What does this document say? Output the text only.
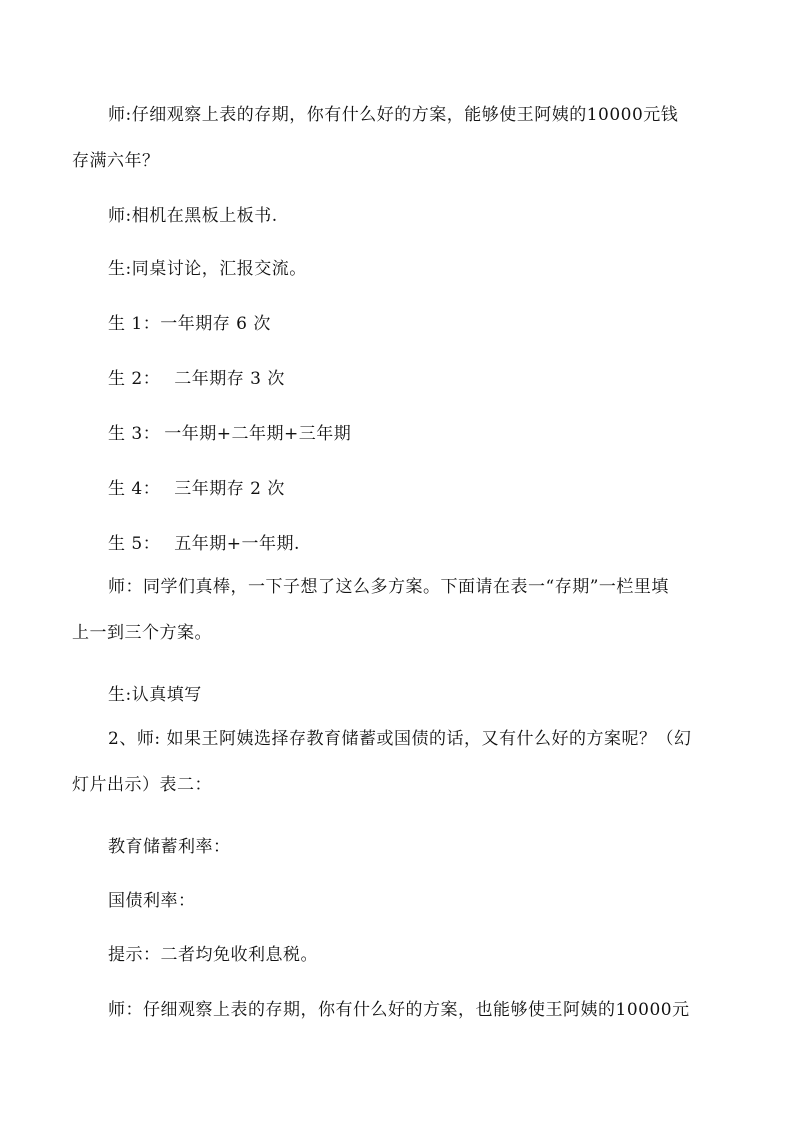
师:仔细观察上表的存期，你有什么好的方案，能够使王阿姨的10000元钱
存满六年？
师:相机在黑板上板书.
生:同桌讨论，汇报交流。
生 1：一年期存 6 次
生 2： 二年期存 3 次
生 3： 一年期+二年期+三年期
生 4： 三年期存 2 次
生 5： 五年期+一年期.
师：同学们真棒，一下子想了这么多方案。下面请在表一“存期”一栏里填
上一到三个方案。
生:认真填写
2、师: 如果王阿姨选择存教育储蓄或国债的话，又有什么好的方案呢？（幻
灯片出示）表二：
教育储蓄利率：
国债利率：
提示：二者均免收利息税。
师：仔细观察上表的存期，你有什么好的方案，也能够使王阿姨的10000元
